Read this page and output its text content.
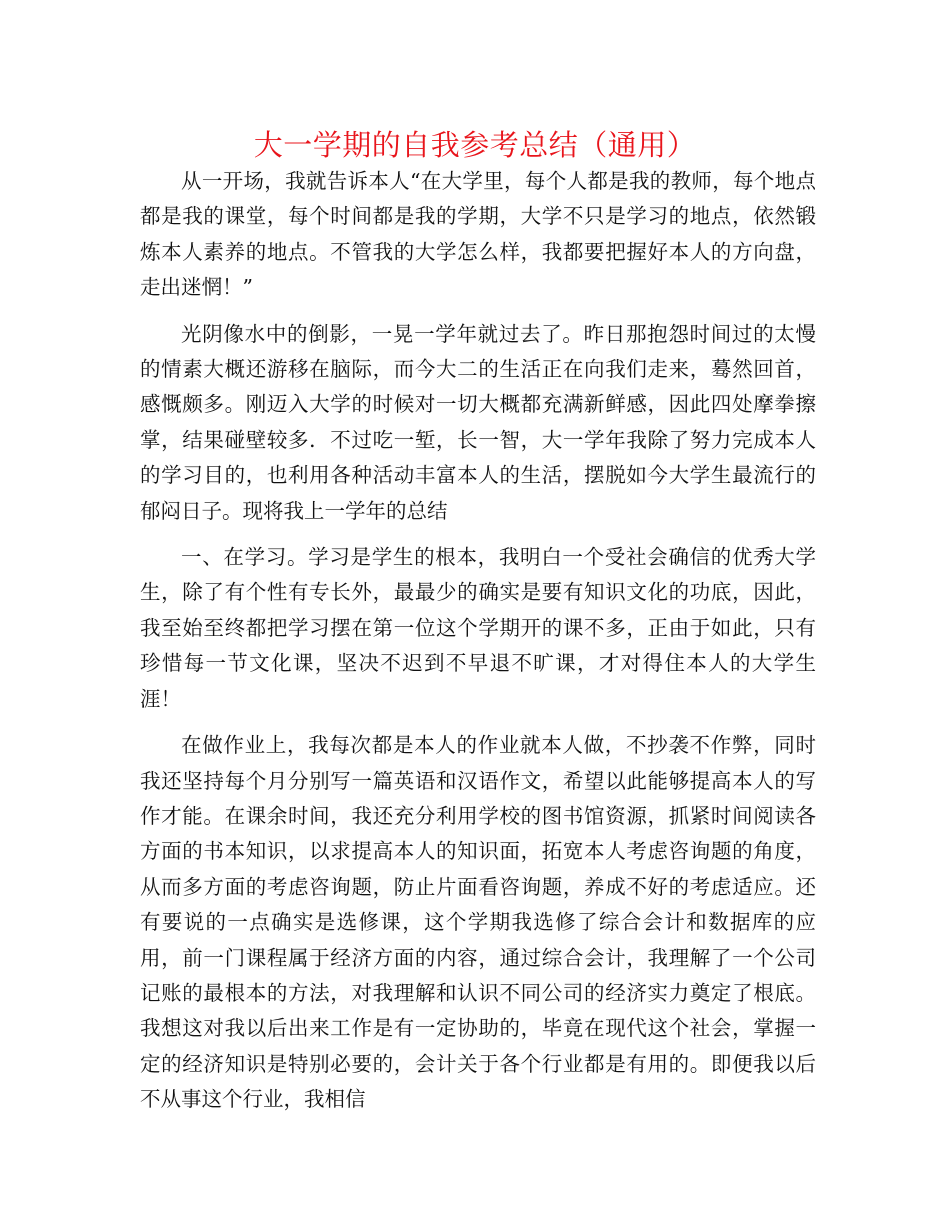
大一学期的自我参考总结（通用）

从一开场，我就告诉本人“在大学里，每个人都是我的教师，每个地点都是我的课堂，每个时间都是我的学期，大学不只是学习的地点，依然锻炼本人素养的地点。不管我的大学怎么样，我都要把握好本人的方向盘，走出迷惘！”

光阴像水中的倒影，一晃一学年就过去了。昨日那抱怨时间过的太慢的情素大概还游移在脑际，而今大二的生活正在向我们走来，蓦然回首，感慨颇多。刚迈入大学的时候对一切大概都充满新鲜感，因此四处摩拳擦掌，结果碰壁较多．不过吃一堑，长一智，大一学年我除了努力完成本人的学习目的，也利用各种活动丰富本人的生活，摆脱如今大学生最流行的郁闷日子。现将我上一学年的总结

一、在学习。学习是学生的根本，我明白一个受社会确信的优秀大学生，除了有个性有专长外，最最少的确实是要有知识文化的功底，因此，我至始至终都把学习摆在第一位这个学期开的课不多，正由于如此，只有珍惜每一节文化课，坚决不迟到不早退不旷课，才对得住本人的大学生涯！

在做作业上，我每次都是本人的作业就本人做，不抄袭不作弊，同时我还坚持每个月分别写一篇英语和汉语作文，希望以此能够提高本人的写作才能。在课余时间，我还充分利用学校的图书馆资源，抓紧时间阅读各方面的书本知识，以求提高本人的知识面，拓宽本人考虑咨询题的角度，从而多方面的考虑咨询题，防止片面看咨询题，养成不好的考虑适应。还有要说的一点确实是选修课，这个学期我选修了综合会计和数据库的应用，前一门课程属于经济方面的内容，通过综合会计，我理解了一个公司记账的最根本的方法，对我理解和认识不同公司的经济实力奠定了根底。我想这对我以后出来工作是有一定协助的，毕竟在现代这个社会，掌握一定的经济知识是特别必要的，会计关于各个行业都是有用的。即便我以后不从事这个行业，我相信
